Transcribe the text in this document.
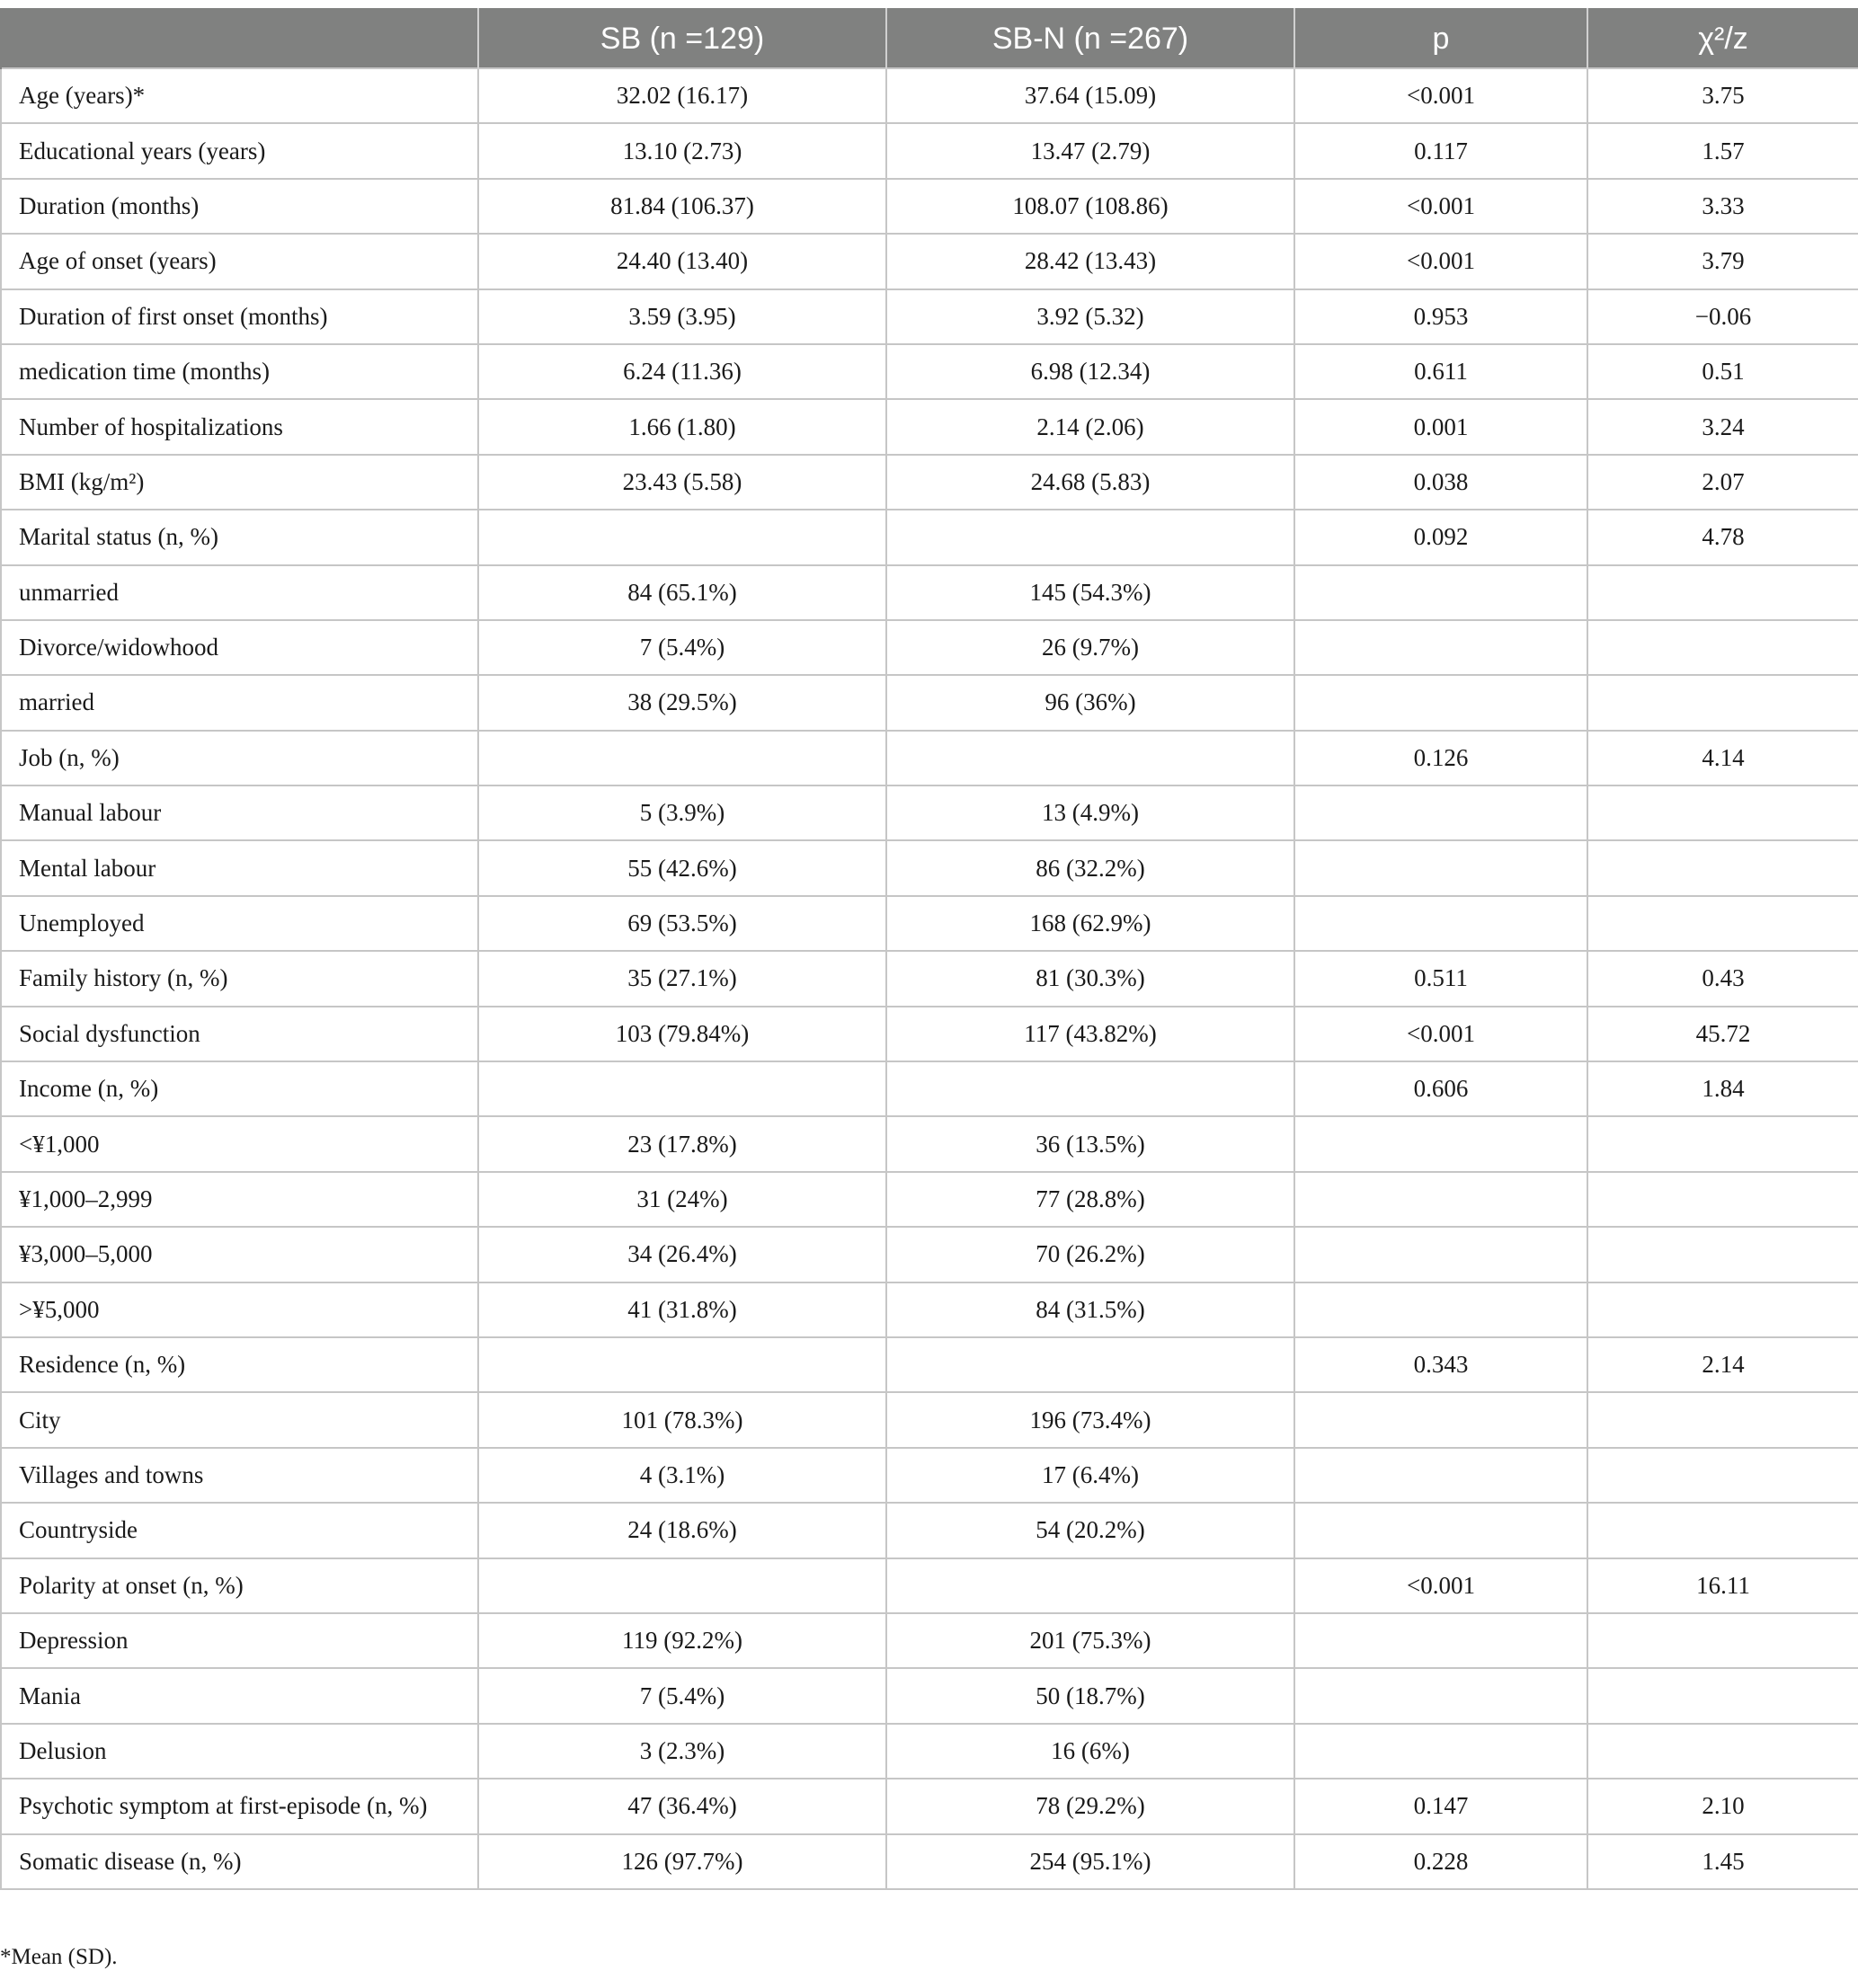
	SB (n =129)	SB-N (n =267)	p	χ²/z
Age (years)*	32.02 (16.17)	37.64 (15.09)	<0.001	3.75
Educational years (years)	13.10 (2.73)	13.47 (2.79)	0.117	1.57
Duration (months)	81.84 (106.37)	108.07 (108.86)	<0.001	3.33
Age of onset (years)	24.40 (13.40)	28.42 (13.43)	<0.001	3.79
Duration of first onset (months)	3.59 (3.95)	3.92 (5.32)	0.953	−0.06
medication time (months)	6.24 (11.36)	6.98 (12.34)	0.611	0.51
Number of hospitalizations	1.66 (1.80)	2.14 (2.06)	0.001	3.24
BMI (kg/m²)	23.43 (5.58)	24.68 (5.83)	0.038	2.07
Marital status (n, %)			0.092	4.78
unmarried	84 (65.1%)	145 (54.3%)		
Divorce/widowhood	7 (5.4%)	26 (9.7%)		
married	38 (29.5%)	96 (36%)		
Job (n, %)			0.126	4.14
Manual labour	5 (3.9%)	13 (4.9%)		
Mental labour	55 (42.6%)	86 (32.2%)		
Unemployed	69 (53.5%)	168 (62.9%)		
Family history (n, %)	35 (27.1%)	81 (30.3%)	0.511	0.43
Social dysfunction	103 (79.84%)	117 (43.82%)	<0.001	45.72
Income (n, %)			0.606	1.84
<¥1,000	23 (17.8%)	36 (13.5%)		
¥1,000–2,999	31 (24%)	77 (28.8%)		
¥3,000–5,000	34 (26.4%)	70 (26.2%)		
>¥5,000	41 (31.8%)	84 (31.5%)		
Residence (n, %)			0.343	2.14
City	101 (78.3%)	196 (73.4%)		
Villages and towns	4 (3.1%)	17 (6.4%)		
Countryside	24 (18.6%)	54 (20.2%)		
Polarity at onset (n, %)			<0.001	16.11
Depression	119 (92.2%)	201 (75.3%)		
Mania	7 (5.4%)	50 (18.7%)		
Delusion	3 (2.3%)	16 (6%)		
Psychotic symptom at first-episode (n, %)	47 (36.4%)	78 (29.2%)	0.147	2.10
Somatic disease (n, %)	126 (97.7%)	254 (95.1%)	0.228	1.45
*Mean (SD).
